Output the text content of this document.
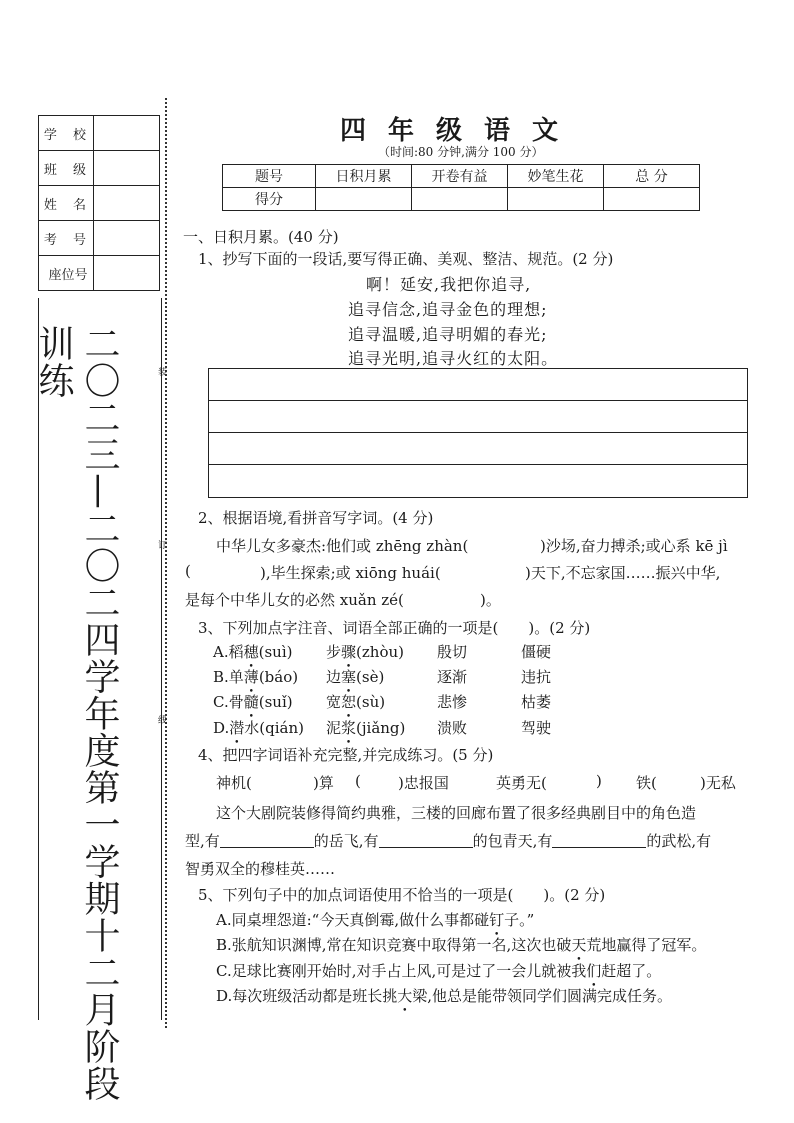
学 校	
班 级	
姓 名	
考 号	
座位号	
二〇二三—二〇二四学年度第一学期十二月阶段训练	装
订
线
四年级语文
（时间:80 分钟,满分 100 分）
题号	日积月累	开卷有益	妙笔生花	总 分
得分				
一、日积月累。(40 分)
1、抄写下面的一段话,要写得正确、美观、整洁、规范。(2 分)
啊！延安,我把你追寻,
追寻信念,追寻金色的理想;
追寻温暖,追寻明媚的春光;
追寻光明,追寻火红的太阳。
2、根据语境,看拼音写字词。(4 分)
中华儿女多豪杰:他们或 zhēng zhàn(	)沙场,奋力搏杀;或心系 kē jì
(	),毕生探索;或 xiōng huái(	)天下,不忘家国……振兴中华,
是每个中华儿女的必然 xuǎn zé(	)。
3、下列加点字注音、词语全部正确的一项是(　　)。(2 分)
A.稻穗(suì) 步骤(zhòu) 殷切	僵硬
B.单薄(báo) 边塞(sè)	逐渐	违抗
C.骨髓(suǐ) 宽恕(sù)	悲惨	枯萎
D.潜水(qián) 泥浆(jiǎng) 溃败	驾驶
4、把四字词语补充完整,并完成练习。(5 分)
神机(	)算 ( )忠报国	英勇无(	) 铁(	)无私
这个大剧院装修得简约典雅，三楼的回廊布置了很多经典剧目中的角色造
型,有	的岳飞,有	的包青天,有	的武松,有
智勇双全的穆桂英……
5、下列句子中的加点词语使用不恰当的一项是(　　)。(2 分)
A.同桌埋怨道:“今天真倒霉,做什么事都碰钉子。”
B.张航知识渊博,常在知识竞赛中取得第一名,这次也破天荒地赢得了冠军。
C.足球比赛刚开始时,对手占上风,可是过了一会儿就被我们赶超 •了。
D.每次班级活动都是班长挑大梁,他总是能带领同学们圆满完成任务。
